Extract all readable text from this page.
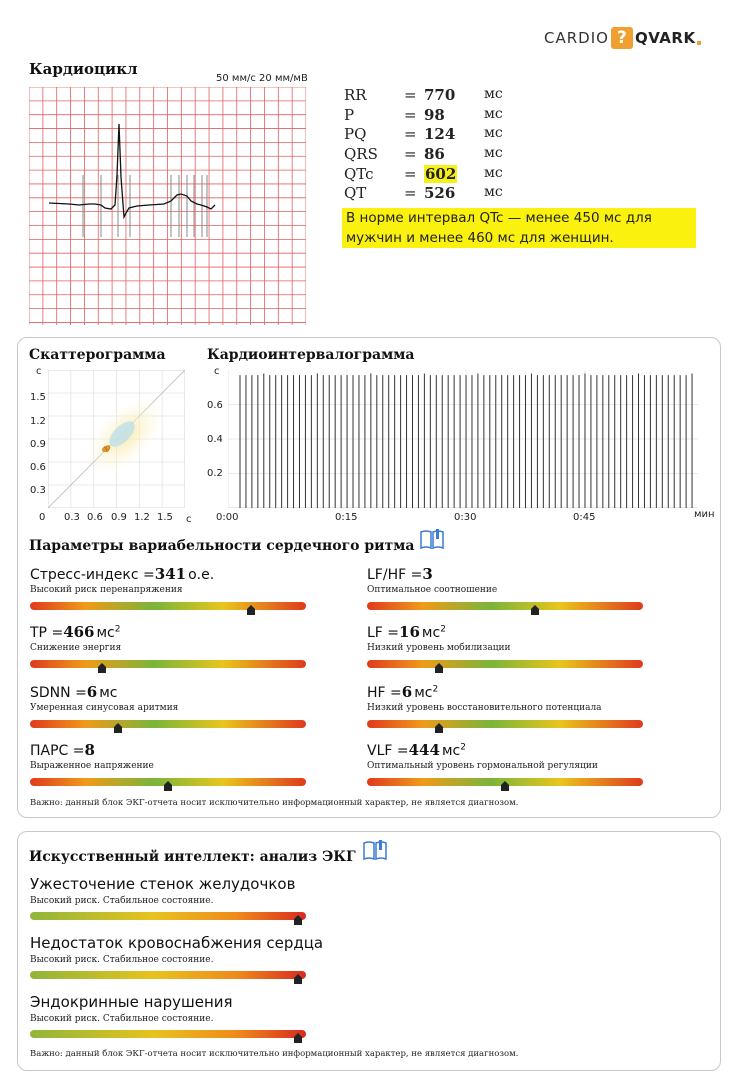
CARDIO ? QVARK
Кардиоцикл
50 мм/с 20 мм/мВ
RR = 770 мс
P	= 98	мс
PQ	= 124 мс
QRS = 86	мс
QTc = 602 мс
QT	= 526 мс
В норме интервал QTc — менее 450 мс для мужчин и менее 460 мс для женщин.
Скаттерограмма	Кардиоинтервалограмма
с
с
1.5
1.2
0.9
0.6
0.3
0 0.3 0.6 0.9 1.2 1.5
с
мин
0.6
0.4
0.2
0:00	0:15	0:30	0:45
Параметры вариабельности сердечного ритма
Стресс-индекс =341 о.е.
Высокий риск перенапряжения
LF/HF =3
Оптимальное соотношение
TP =466 $мс^2$
Снижение энергия
LF =16 $мс^2$
Низкий уровень мобилизации
SDNN =6 мс
Умеренная синусовая аритмия
HF =6 $мс^2$
Низкий уровень восстановительного потенциала
ПАРС =8
Выраженное напряжение
VLF =444 $мс^2$
Оптимальный уровень гормональной регуляции
Важно: данный блок ЭКГ-отчета носит исключительно информационный характер, не является диагнозом.
Искусственный интеллект: анализ ЭКГ
Ужесточение стенок желудочков
Высокий риск. Стабильное состояние.
Недостаток кровоснабжения сердца
Высокий риск. Стабильное состояние.
Эндокринные нарушения
Высокий риск. Стабильное состояние.
Важно: данный блок ЭКГ-отчета носит исключительно информационный характер, не является диагнозом.
